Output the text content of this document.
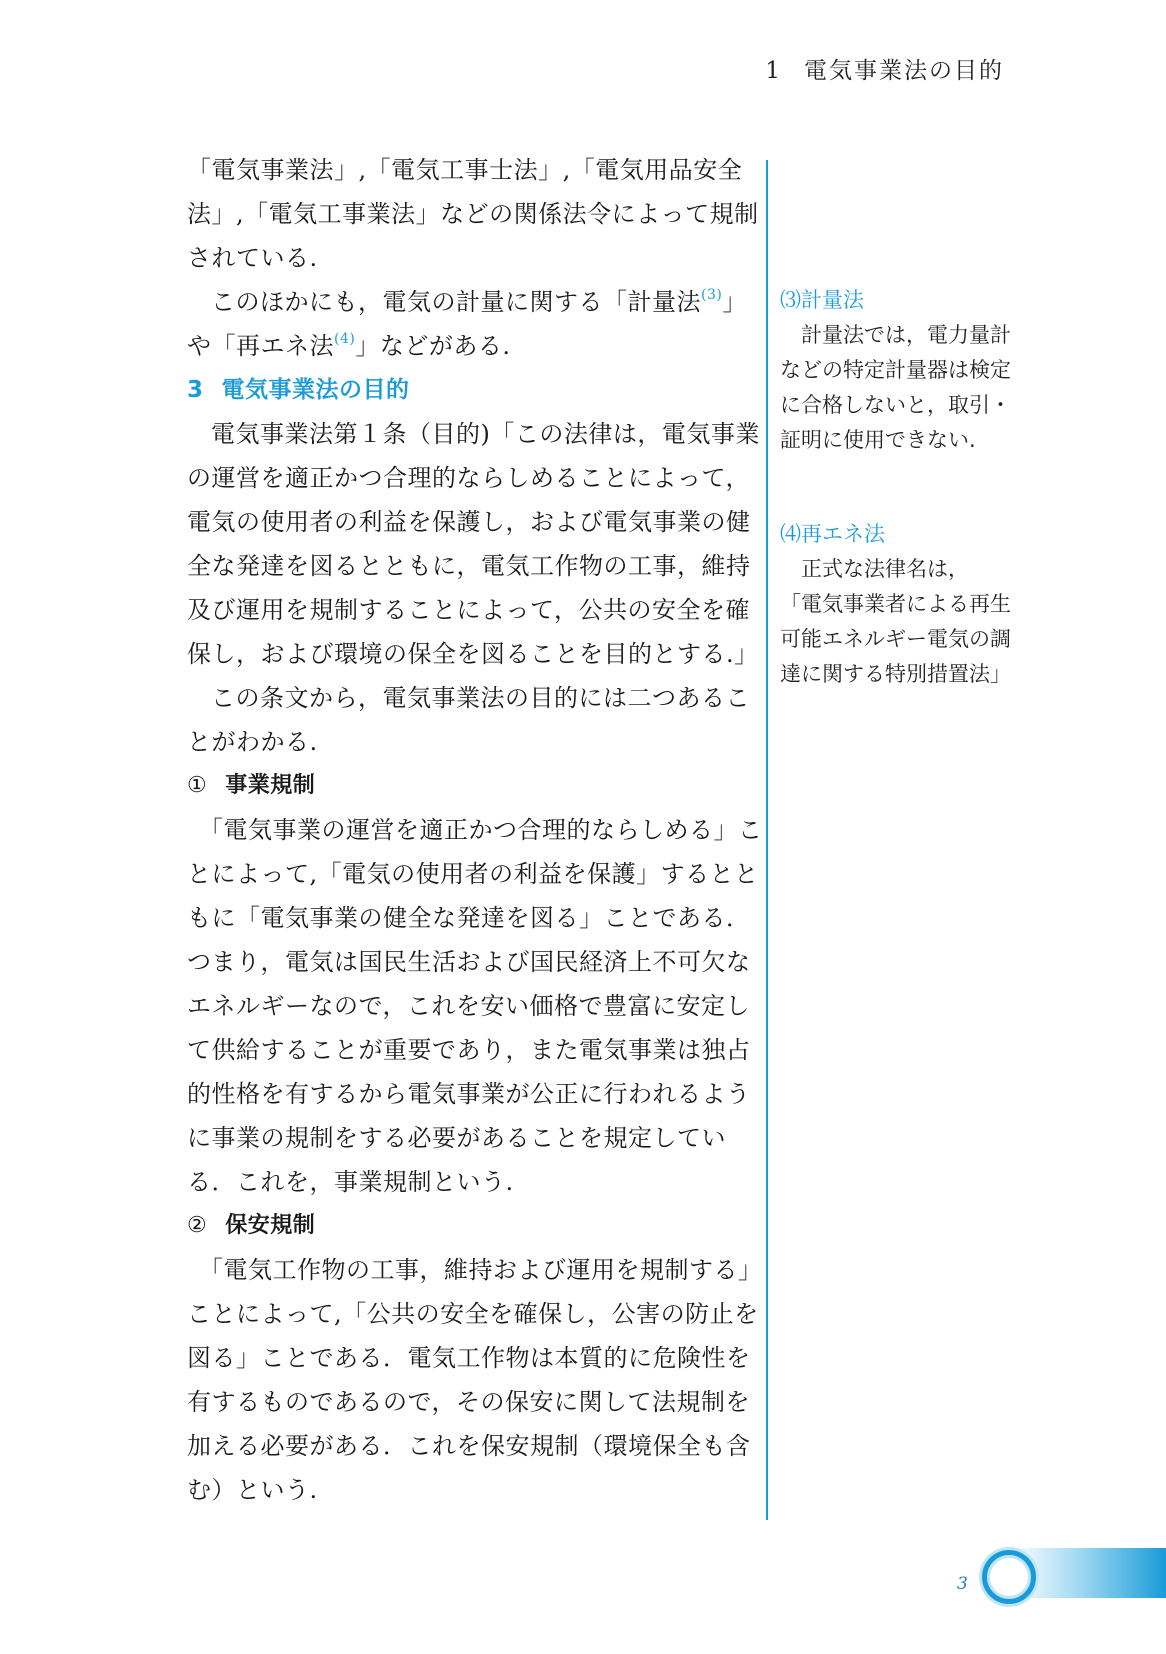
1 電気事業法の目的

「電気事業法」,「電気工事士法」,「電気用品安全法」,「電気工事業法」などの関係法令によって規制されている.

このほかにも，電気の計量に関する「計量法$^{(3)}$」や「再エネ法$^{(4)}$」などがある.

3 電気事業法の目的

電気事業法第１条（目的)「この法律は，電気事業の運営を適正かつ合理的ならしめることによって，電気の使用者の利益を保護し，および電気事業の健全な発達を図るとともに，電気工作物の工事，維持及び運用を規制することによって，公共の安全を確保し，および環境の保全を図ることを目的とする.」

この条文から，電気事業法の目的には二つあることがわかる.

① 事業規制

「電気事業の運営を適正かつ合理的ならしめる」ことによって,「電気の使用者の利益を保護」するとともに「電気事業の健全な発達を図る」ことである．つまり，電気は国民生活および国民経済上不可欠なエネルギーなので，これを安い価格で豊富に安定して供給することが重要であり，また電気事業は独占的性格を有するから電気事業が公正に行われるように事業の規制をする必要があることを規定している．これを，事業規制という.

② 保安規制

「電気工作物の工事，維持および運用を規制する」ことによって,「公共の安全を確保し，公害の防止を図る」ことである．電気工作物は本質的に危険性を有するものであるので，その保安に関して法規制を加える必要がある．これを保安規制（環境保全も含む）という.

⑶計量法

計量法では，電力量計などの特定計量器は検定に合格しないと，取引・証明に使用できない.

⑷再エネ法

正式な法律名は，

「電気事業者による再生可能エネルギー電気の調達に関する特別措置法」

3
